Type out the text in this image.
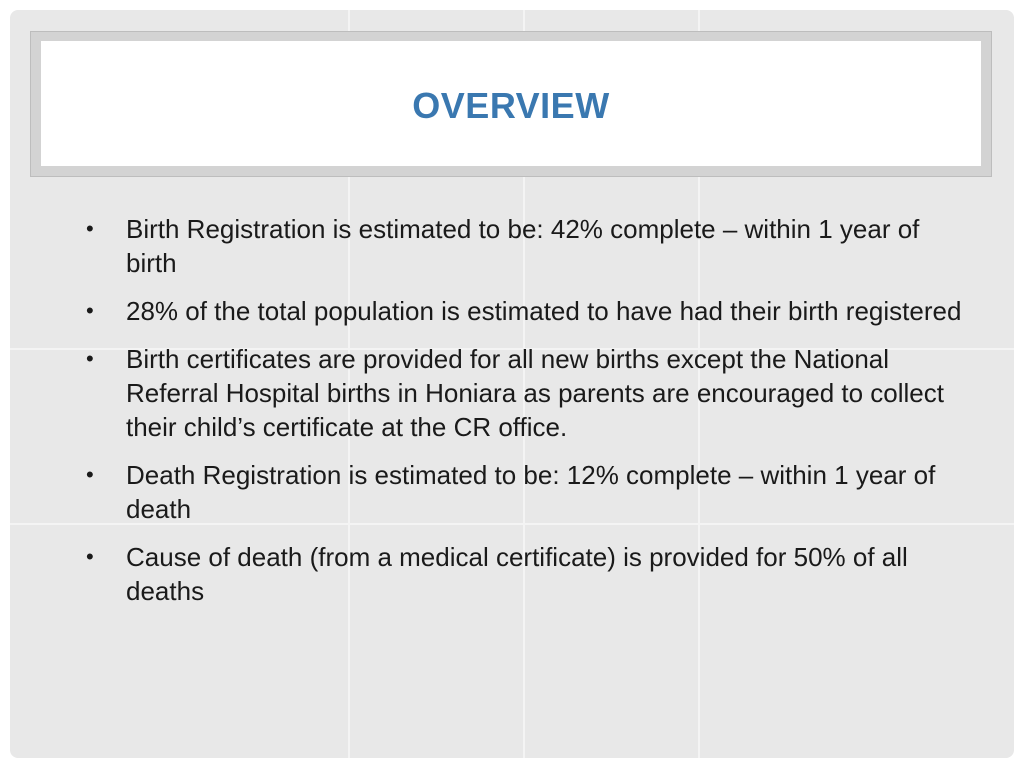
OVERVIEW
• Birth Registration is estimated to be: 42% complete – within 1 year of birth
• 28% of the total population is estimated to have had their birth registered
• Birth certificates are provided for all new births except the National Referral Hospital births in Honiara as parents are encouraged to collect their child’s certificate at the CR office.
• Death Registration is estimated to be: 12% complete – within 1 year of death
• Cause of death (from a medical certificate) is provided for 50% of all deaths
